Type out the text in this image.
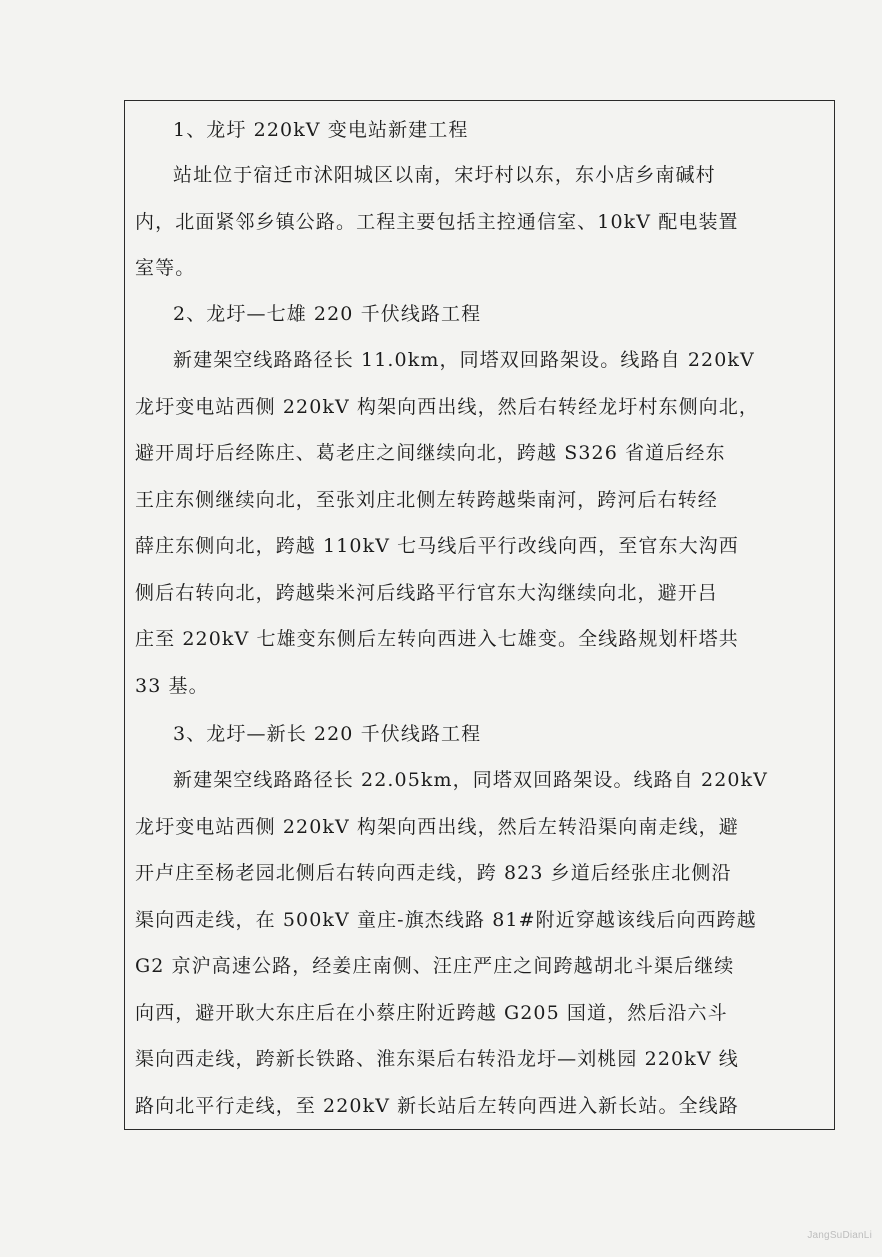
1、龙圩 220kV 变电站新建工程
站址位于宿迁市沭阳城区以南，宋圩村以东，东小店乡南碱村
内，北面紧邻乡镇公路。工程主要包括主控通信室、10kV 配电装置
室等。
2、龙圩—七雄 220 千伏线路工程
新建架空线路路径长 11.0km，同塔双回路架设。线路自 220kV
龙圩变电站西侧 220kV 构架向西出线，然后右转经龙圩村东侧向北，
避开周圩后经陈庄、葛老庄之间继续向北，跨越 S326 省道后经东
王庄东侧继续向北，至张刘庄北侧左转跨越柴南河，跨河后右转经
薛庄东侧向北，跨越 110kV 七马线后平行改线向西，至官东大沟西
侧后右转向北，跨越柴米河后线路平行官东大沟继续向北，避开吕
庄至 220kV 七雄变东侧后左转向西进入七雄变。全线路规划杆塔共
33 基。
3、龙圩—新长 220 千伏线路工程
新建架空线路路径长 22.05km，同塔双回路架设。线路自 220kV
龙圩变电站西侧 220kV 构架向西出线，然后左转沿渠向南走线，避
开卢庄至杨老园北侧后右转向西走线，跨 823 乡道后经张庄北侧沿
渠向西走线，在 500kV 童庄-旗杰线路 81#附近穿越该线后向西跨越
G2 京沪高速公路，经姜庄南侧、汪庄严庄之间跨越胡北斗渠后继续
向西，避开耿大东庄后在小蔡庄附近跨越 G205 国道，然后沿六斗
渠向西走线，跨新长铁路、淮东渠后右转沿龙圩—刘桃园 220kV 线
路向北平行走线，至 220kV 新长站后左转向西进入新长站。全线路
JangSuDianLi
